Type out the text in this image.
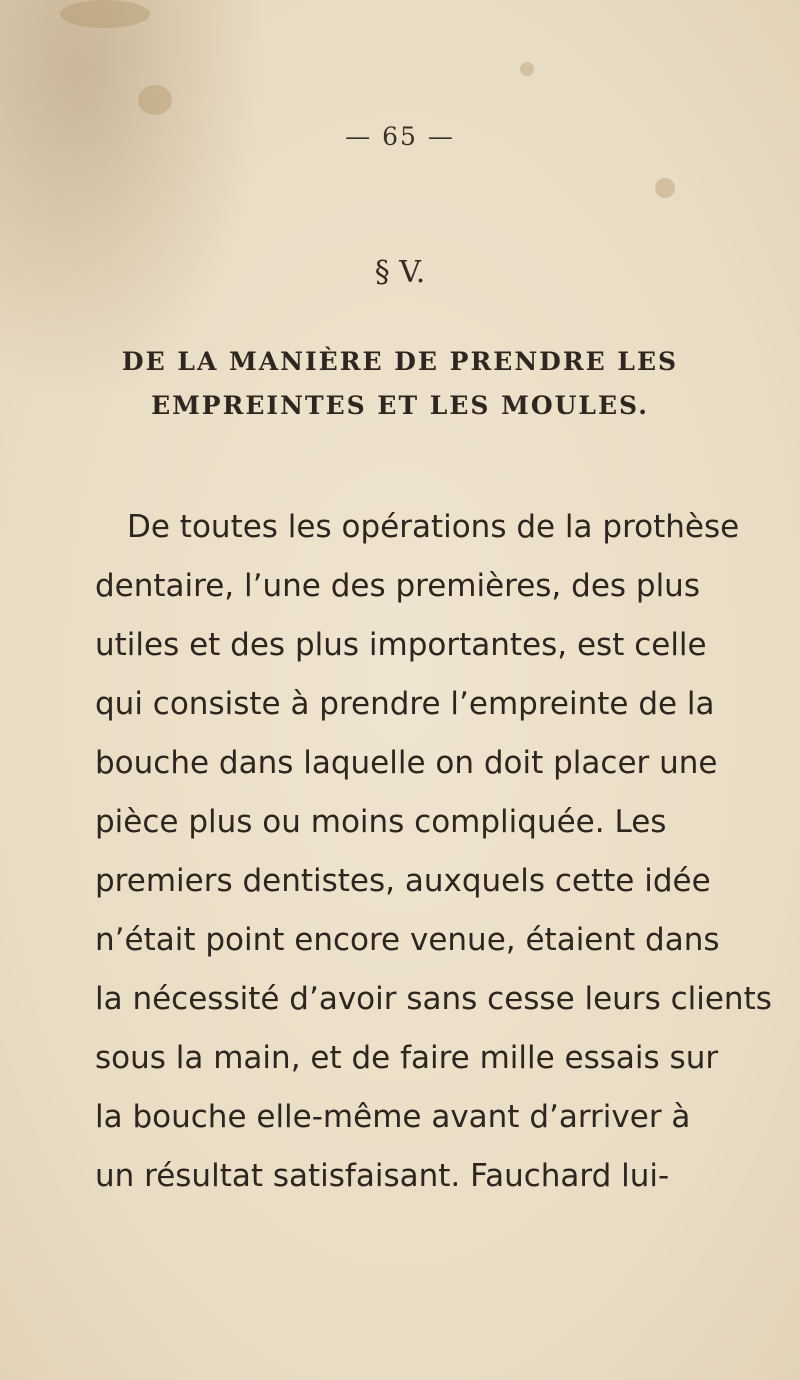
— 65 —
§ V.
DE LA MANIÈRE DE PRENDRE LES
EMPREINTES ET LES MOULES.
De toutes les opérations de la prothèse
dentaire, l’une des premières, des plus
utiles et des plus importantes, est celle
qui consiste à prendre l’empreinte de la
bouche dans laquelle on doit placer une
pièce plus ou moins compliquée. Les
premiers dentistes, auxquels cette idée
n’était point encore venue, étaient dans
la nécessité d’avoir sans cesse leurs clients
sous la main, et de faire mille essais sur
la bouche elle-même avant d’arriver à
un résultat satisfaisant. Fauchard lui-
